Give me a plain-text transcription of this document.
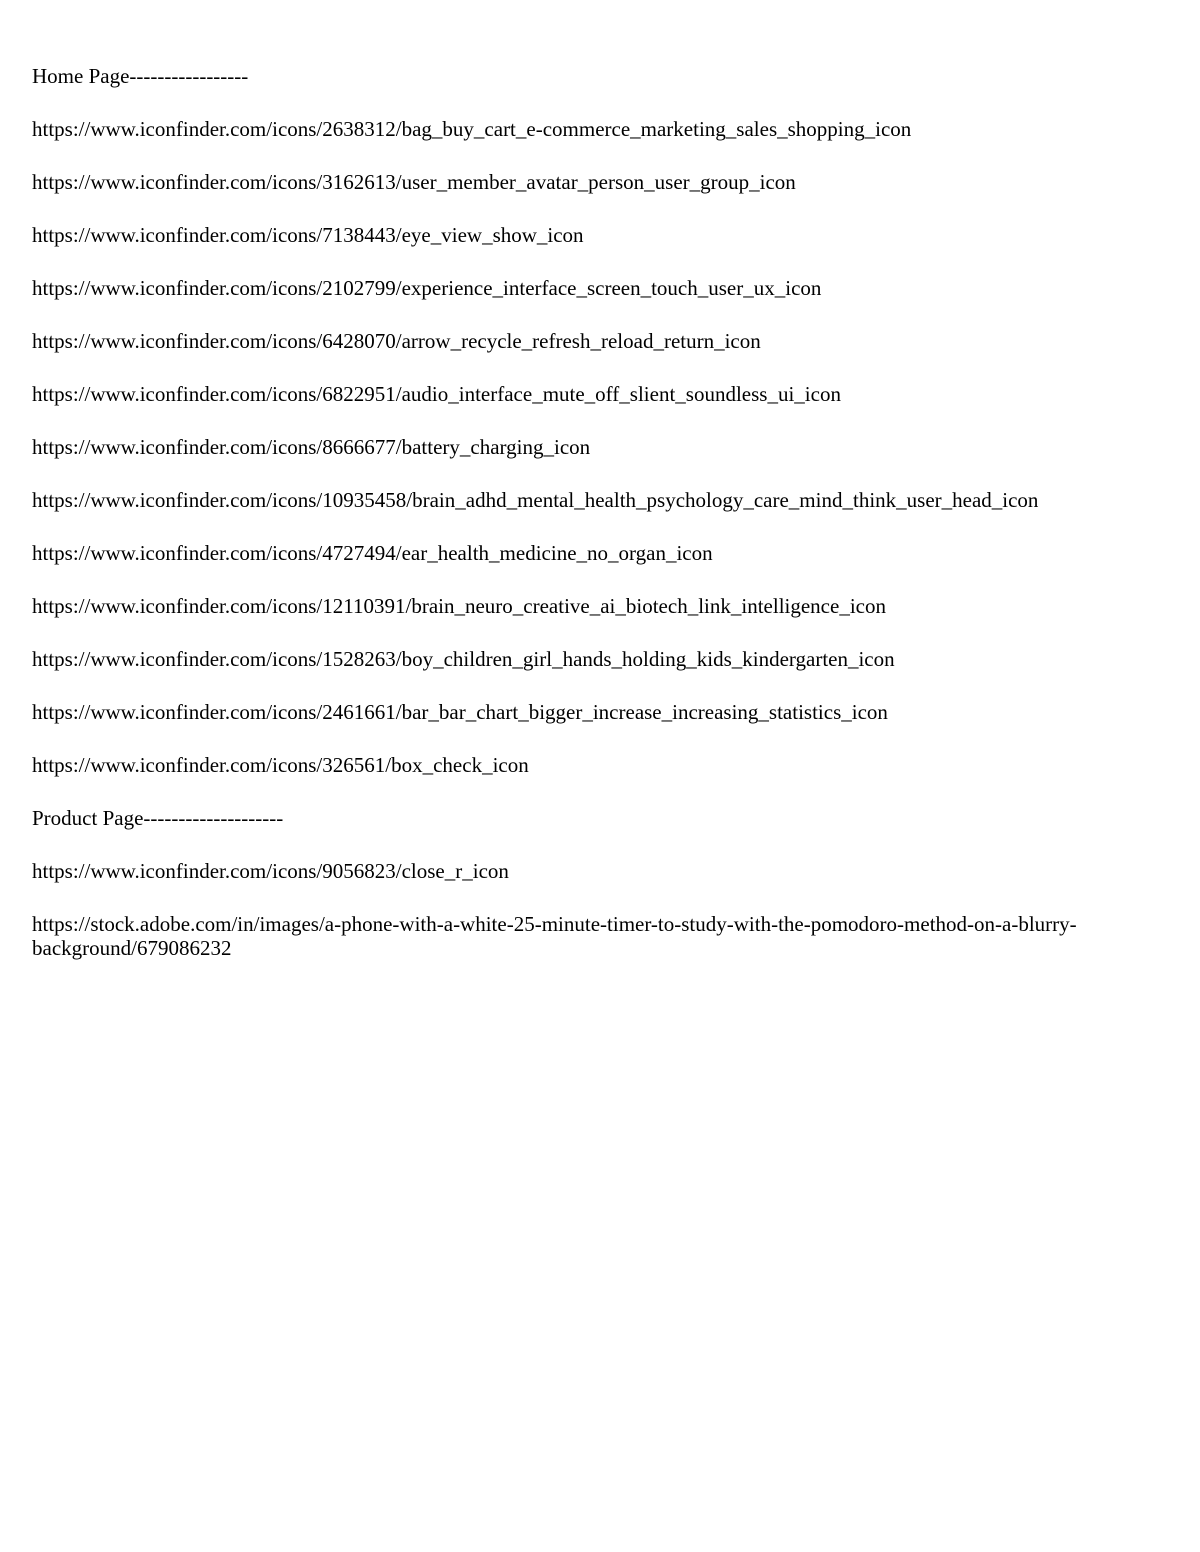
Home Page-----------------

https://www.iconfinder.com/icons/2638312/bag_buy_cart_e-commerce_marketing_sales_shopping_icon

https://www.iconfinder.com/icons/3162613/user_member_avatar_person_user_group_icon

https://www.iconfinder.com/icons/7138443/eye_view_show_icon

https://www.iconfinder.com/icons/2102799/experience_interface_screen_touch_user_ux_icon

https://www.iconfinder.com/icons/6428070/arrow_recycle_refresh_reload_return_icon

https://www.iconfinder.com/icons/6822951/audio_interface_mute_off_slient_soundless_ui_icon

https://www.iconfinder.com/icons/8666677/battery_charging_icon

https://www.iconfinder.com/icons/10935458/brain_adhd_mental_health_psychology_care_mind_think_user_head_icon

https://www.iconfinder.com/icons/4727494/ear_health_medicine_no_organ_icon

https://www.iconfinder.com/icons/12110391/brain_neuro_creative_ai_biotech_link_intelligence_icon

https://www.iconfinder.com/icons/1528263/boy_children_girl_hands_holding_kids_kindergarten_icon

https://www.iconfinder.com/icons/2461661/bar_bar_chart_bigger_increase_increasing_statistics_icon

https://www.iconfinder.com/icons/326561/box_check_icon

Product Page--------------------

https://www.iconfinder.com/icons/9056823/close_r_icon

https://stock.adobe.com/in/images/a-phone-with-a-white-25-minute-timer-to-study-with-the-pomodoro-method-on-a-blurry-background/679086232
